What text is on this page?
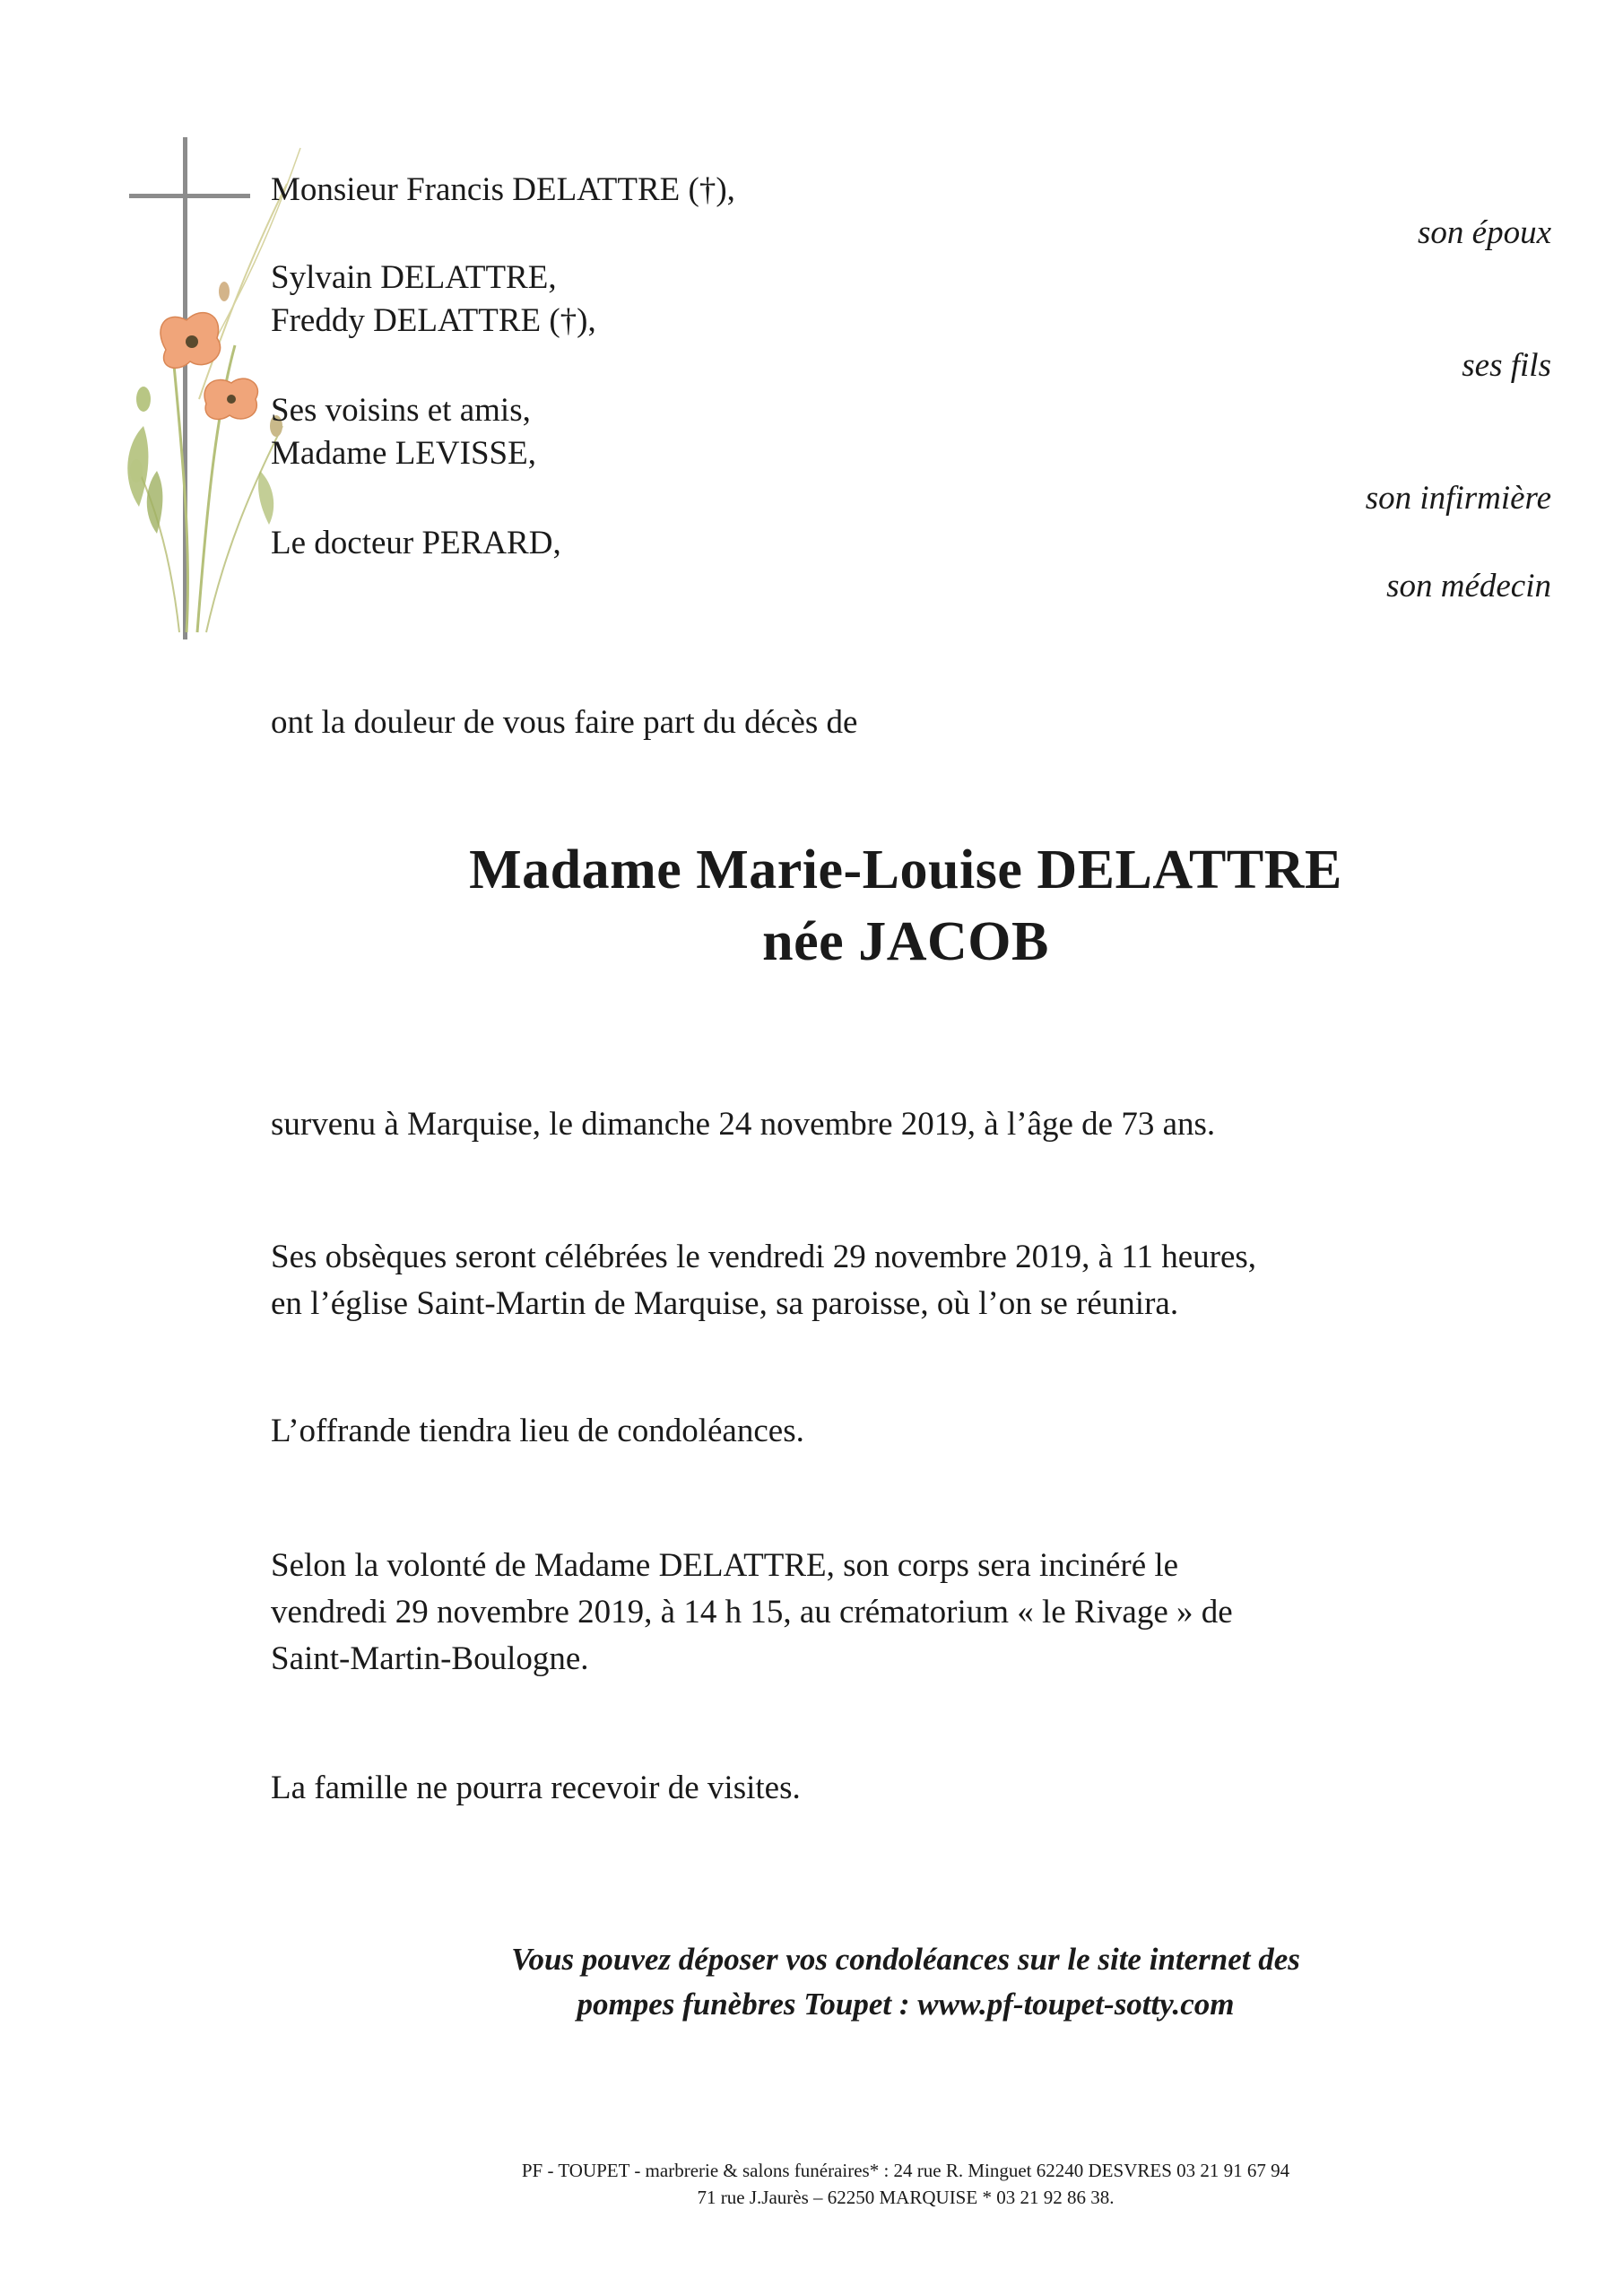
Monsieur Francis DELATTRE (†),
son époux
Sylvain DELATTRE,
Freddy DELATTRE (†),
ses fils
Ses voisins et amis,
Madame LEVISSE,
son infirmière
Le docteur PERARD,
son médecin
ont la douleur de vous faire part du décès de
Madame Marie-Louise DELATTRE
née JACOB
survenu à Marquise, le dimanche 24 novembre 2019, à l’âge de 73 ans.
Ses obsèques seront célébrées le vendredi 29 novembre 2019, à 11 heures,
en l’église Saint-Martin de Marquise, sa paroisse, où l’on se réunira.
L’offrande tiendra lieu de condoléances.
Selon la volonté de Madame DELATTRE, son corps sera incinéré le
vendredi 29 novembre 2019, à 14 h 15, au crématorium « le Rivage » de
Saint-Martin-Boulogne.
La famille ne pourra recevoir de visites.
Vous pouvez déposer vos condoléances sur le site internet des
pompes funèbres Toupet : www.pf-toupet-sotty.com
PF - TOUPET - marbrerie & salons funéraires* : 24 rue R. Minguet 62240 DESVRES 03 21 91 67 94
71 rue J.Jaurès – 62250 MARQUISE * 03 21 92 86 38.
